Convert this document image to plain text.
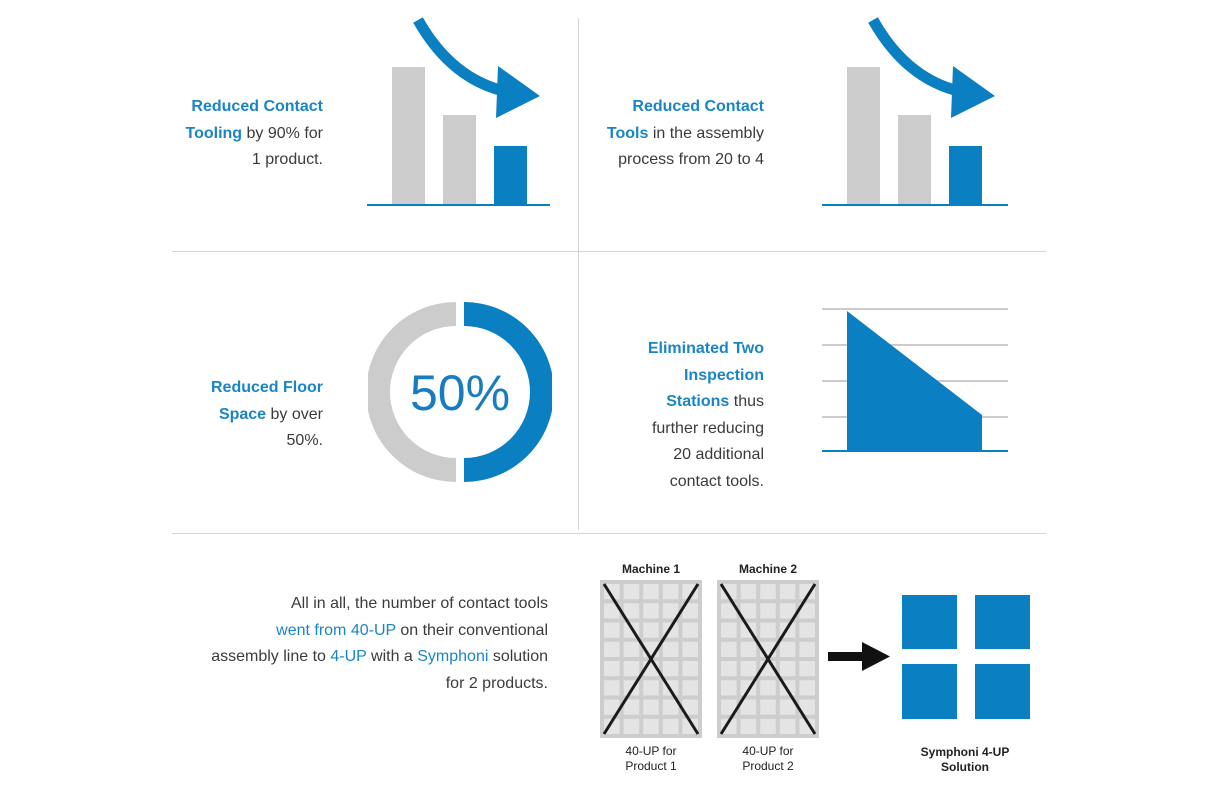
Reduced Contact
Tooling by 90% for
1 product.
Reduced Contact
Tools in the assembly
process from 20 to 4
Reduced Floor
Space by over
50%.
50%
Eliminated Two
Inspection
Stations thus
further reducing
20 additional
contact tools.
All in all, the number of contact tools
went from 40-UP on their conventional
assembly line to 4-UP with a Symphoni solution
for 2 products.
Machine 1
40-UP for
Product 1
Machine 2
40-UP for
Product 2
Symphoni 4-UP
Solution
